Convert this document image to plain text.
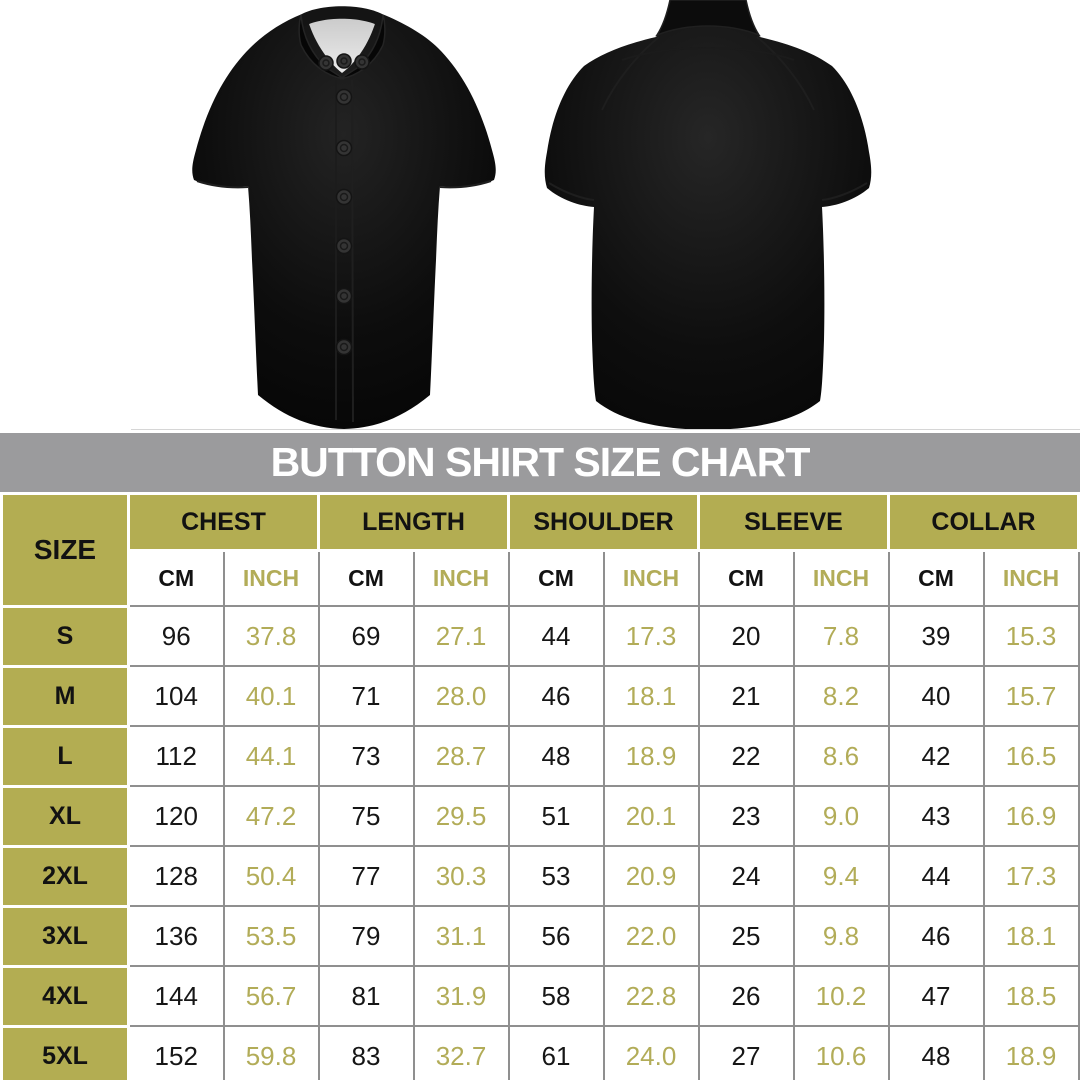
BUTTON SHIRT SIZE CHART
SIZE	CHEST		LENGTH		SHOULDER		SLEEVE		COLLAR	
	CM	INCH	CM	INCH	CM	INCH	CM	INCH	CM	INCH
S	96	37.8	69	27.1	44	17.3	20	7.8	39	15.3
M	104	40.1	71	28.0	46	18.1	21	8.2	40	15.7
L	112	44.1	73	28.7	48	18.9	22	8.6	42	16.5
XL	120	47.2	75	29.5	51	20.1	23	9.0	43	16.9
2XL	128	50.4	77	30.3	53	20.9	24	9.4	44	17.3
3XL	136	53.5	79	31.1	56	22.0	25	9.8	46	18.1
4XL	144	56.7	81	31.9	58	22.8	26	10.2	47	18.5
5XL	152	59.8	83	32.7	61	24.0	27	10.6	48	18.9
